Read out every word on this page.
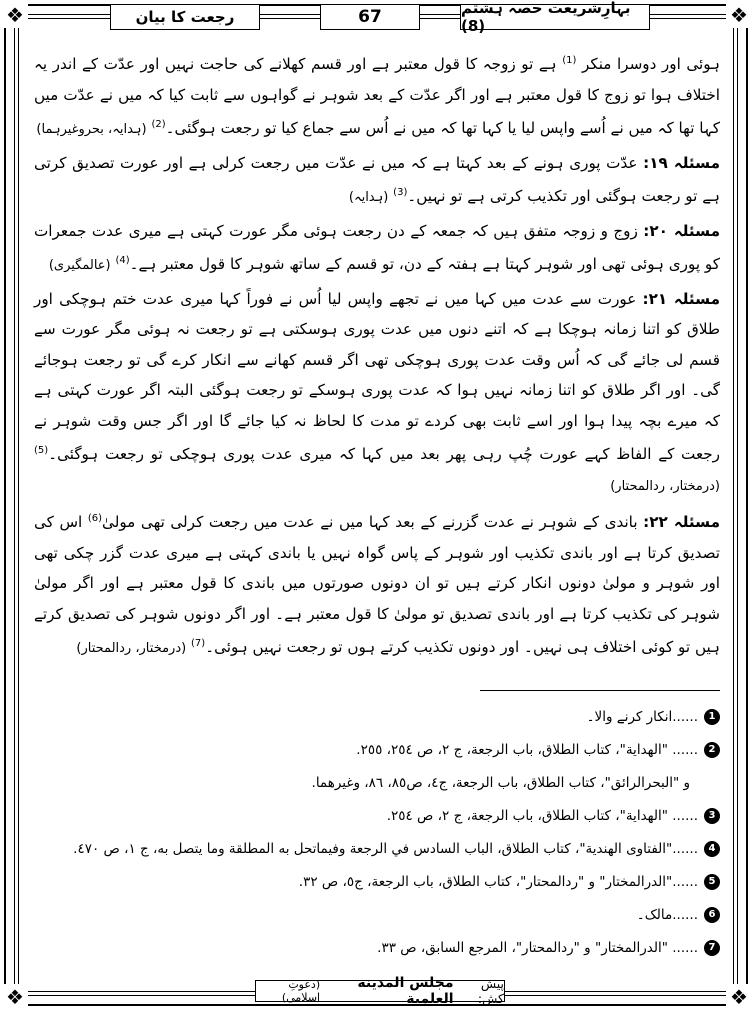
❖	❖
❖	❖
بہارِشریعت حصہ ہشتم (8)
67
رجعت کا بیان

ہوئی اور دوسرا منکر $^{(1)}$ ہے تو زوجہ کا قول معتبر ہے اور قسم کھلانے کی حاجت نہیں اور عدّت کے اندر یہ اختلاف ہوا تو زوج کا قول معتبر ہے اور اگر عدّت کے بعد شوہر نے گواہوں سے ثابت کیا کہ میں نے عدّت میں کہا تھا کہ میں نے اُسے واپس لیا یا کہا تھا کہ میں نے اُس سے جماع کیا تو رجعت ہوگئی۔$^{(2)}$ (ہدایہ، بحروغیرہما)

مسئلہ ۱۹: عدّت پوری ہونے کے بعد کہتا ہے کہ میں نے عدّت میں رجعت کرلی ہے اور عورت تصدیق کرتی ہے تو رجعت ہوگئی اور تکذیب کرتی ہے تو نہیں۔$^{(3)}$ (ہدایہ)

مسئلہ ۲۰: زوج و زوجہ متفق ہیں کہ جمعہ کے دن رجعت ہوئی مگر عورت کہتی ہے میری عدت جمعرات کو پوری ہوئی تھی اور شوہر کہتا ہے ہفتہ کے دن، تو قسم کے ساتھ شوہر کا قول معتبر ہے۔$^{(4)}$ (عالمگیری)

مسئلہ ۲۱: عورت سے عدت میں کہا میں نے تجھے واپس لیا اُس نے فوراً کہا میری عدت ختم ہوچکی اور طلاق کو اتنا زمانہ ہوچکا ہے کہ اتنے دنوں میں عدت پوری ہوسکتی ہے تو رجعت نہ ہوئی مگر عورت سے قسم لی جائے گی کہ اُس وقت عدت پوری ہوچکی تھی اگر قسم کھانے سے انکار کرے گی تو رجعت ہوجائے گی۔ اور اگر طلاق کو اتنا زمانہ نہیں ہوا کہ عدت پوری ہوسکے تو رجعت ہوگئی البتہ اگر عورت کہتی ہے کہ میرے بچہ پیدا ہوا اور اسے ثابت بھی کردے تو مدت کا لحاظ نہ کیا جائے گا اور اگر جس وقت شوہر نے رجعت کے الفاظ کہے عورت چُپ رہی پھر بعد میں کہا کہ میری عدت پوری ہوچکی تو رجعت ہوگئی۔$^{(5)}$ (درمختار، ردالمحتار)

مسئلہ ۲۲: باندی کے شوہر نے عدت گزرنے کے بعد کہا میں نے عدت میں رجعت کرلی تھی مولیٰ$^{(6)}$ اس کی تصدیق کرتا ہے اور باندی تکذیب اور شوہر کے پاس گواہ نہیں یا باندی کہتی ہے میری عدت گزر چکی تھی اور شوہر و مولیٰ دونوں انکار کرتے ہیں تو ان دونوں صورتوں میں باندی کا قول معتبر ہے اور اگر مولیٰ شوہر کی تکذیب کرتا ہے اور باندی تصدیق تو مولیٰ کا قول معتبر ہے۔ اور اگر دونوں شوہر کی تصدیق کرتے ہیں تو کوئی اختلاف ہی نہیں۔ اور دونوں تکذیب کرتے ہوں تو رجعت نہیں ہوئی۔$^{(7)}$ (درمختار، ردالمحتار)

1
......انکار کرنے والا۔
2
...... "الهداية"، كتاب الطلاق، باب الرجعة، ج ٢، ص ٢٥٤، ٢٥٥.
و "البحرالرائق"، كتاب الطلاق، باب الرجعة، ج٤، ص٨٥، ٨٦، وغيرهما.
3
...... "الهداية"، كتاب الطلاق، باب الرجعة، ج ٢، ص ٢٥٤.
4
......"الفتاوى الهندية"، كتاب الطلاق، الباب السادس في الرجعة وفيماتحل به المطلقة وما يتصل به، ج ١، ص ٤٧٠.
5
......"الدرالمختار" و "ردالمحتار"، كتاب الطلاق، باب الرجعة، ج٥، ص ٣٢.
6
......مالک۔
7
...... "الدرالمختار" و "ردالمحتار"، المرجع السابق، ص ٣٣.
پیش کش:
مجلس المدينة العلمية
(دعوتِ اسلامی)
